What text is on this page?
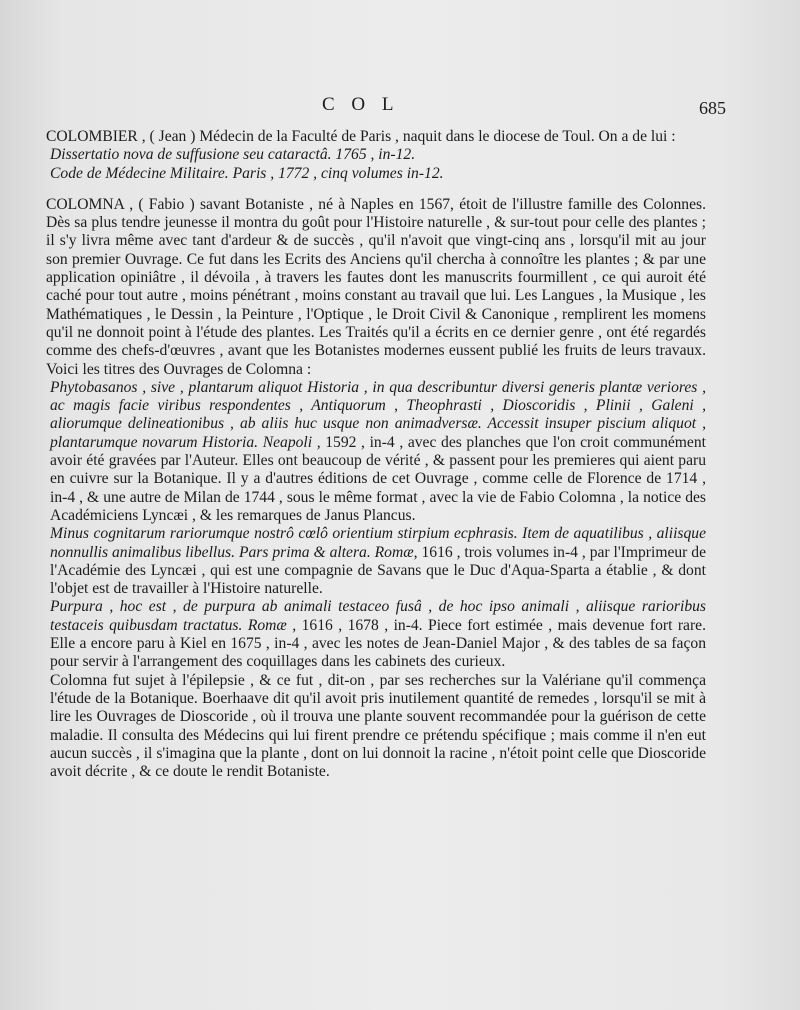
C O L	685

COLOMBIER , ( Jean ) Médecin de la Faculté de Paris , naquit dans le diocese de Toul. On a de lui :

Dissertatio nova de suffusione seu cataractâ. 1765 , in-12.

Code de Médecine Militaire. Paris , 1772 , cinq volumes in-12.

COLOMNA , ( Fabio ) savant Botaniste , né à Naples en 1567, étoit de l'illustre famille des Colonnes. Dès sa plus tendre jeunesse il montra du goût pour l'Histoire naturelle , & sur-tout pour celle des plantes ; il s'y livra même avec tant d'ardeur & de succès , qu'il n'avoit que vingt-cinq ans , lorsqu'il mit au jour son premier Ouvrage. Ce fut dans les Ecrits des Anciens qu'il chercha à connoître les plantes ; & par une application opiniâtre , il dévoila , à travers les fautes dont les manuscrits fourmillent , ce qui auroit été caché pour tout autre , moins pénétrant , moins constant au travail que lui. Les Langues , la Musique , les Mathématiques , le Dessin , la Peinture , l'Optique , le Droit Civil & Canonique , remplirent les momens qu'il ne donnoit point à l'étude des plantes. Les Traités qu'il a écrits en ce dernier genre , ont été regardés comme des chefs-d'œuvres , avant que les Botanistes modernes eussent publié les fruits de leurs travaux. Voici les titres des Ouvrages de Colomna :

Phytobasanos , sive , plantarum aliquot Historia , in qua describuntur diversi generis plantæ veriores , ac magis facie viribus respondentes , Antiquorum , Theophrasti , Dioscoridis , Plinii , Galeni , aliorumque delineationibus , ab aliis huc usque non animadversæ. Accessit insuper piscium aliquot , plantarumque novarum Historia. Neapoli , 1592 , in-4 , avec des planches que l'on croit communément avoir été gravées par l'Auteur. Elles ont beaucoup de vérité , & passent pour les premieres qui aient paru en cuivre sur la Botanique. Il y a d'autres éditions de cet Ouvrage , comme celle de Florence de 1714 , in-4 , & une autre de Milan de 1744 , sous le même format , avec la vie de Fabio Colomna , la notice des Académiciens Lyncæi , & les remarques de Janus Plancus.

Minus cognitarum rariorumque nostrô cœlô orientium stirpium ecphrasis. Item de aquatilibus , aliisque nonnullis animalibus libellus. Pars prima & altera. Romæ, 1616 , trois volumes in-4 , par l'Imprimeur de l'Académie des Lyncæi , qui est une compagnie de Savans que le Duc d'Aqua-Sparta a établie , & dont l'objet est de travailler à l'Histoire naturelle.

Purpura , hoc est , de purpura ab animali testaceo fusâ , de hoc ipso animali , aliisque rarioribus testaceis quibusdam tractatus. Romæ , 1616 , 1678 , in-4. Piece fort estimée , mais devenue fort rare. Elle a encore paru à Kiel en 1675 , in-4 , avec les notes de Jean-Daniel Major , & des tables de sa façon pour servir à l'arrangement des coquillages dans les cabinets des curieux.

Colomna fut sujet à l'épilepsie , & ce fut , dit-on , par ses recherches sur la Valériane qu'il commença l'étude de la Botanique. Boerhaave dit qu'il avoit pris inutilement quantité de remedes , lorsqu'il se mit à lire les Ouvrages de Dioscoride , où il trouva une plante souvent recommandée pour la guérison de cette maladie. Il consulta des Médecins qui lui firent prendre ce prétendu spécifique ; mais comme il n'en eut aucun succès , il s'imagina que la plante , dont on lui donnoit la racine , n'étoit point celle que Dioscoride avoit décrite , & ce doute le rendit Botaniste.
